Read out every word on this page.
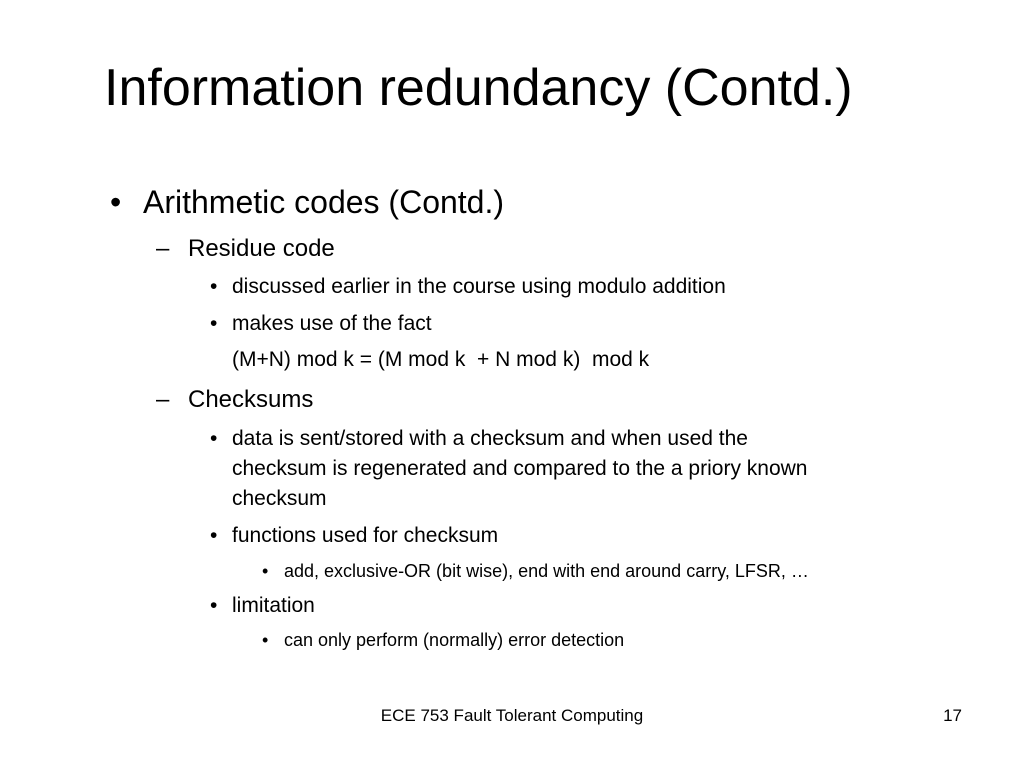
Information redundancy (Contd.)
• Arithmetic codes (Contd.)
– Residue code
• discussed earlier in the course using modulo addition
• makes use of the fact
(M+N) mod k = (M mod k  + N mod k)  mod k
– Checksums
• data is sent/stored with a checksum and when used the
checksum is regenerated and compared to the a priory known
checksum
• functions used for checksum
• add, exclusive-OR (bit wise), end with end around carry, LFSR, …
• limitation
• can only perform (normally) error detection
ECE 753 Fault Tolerant Computing	17
